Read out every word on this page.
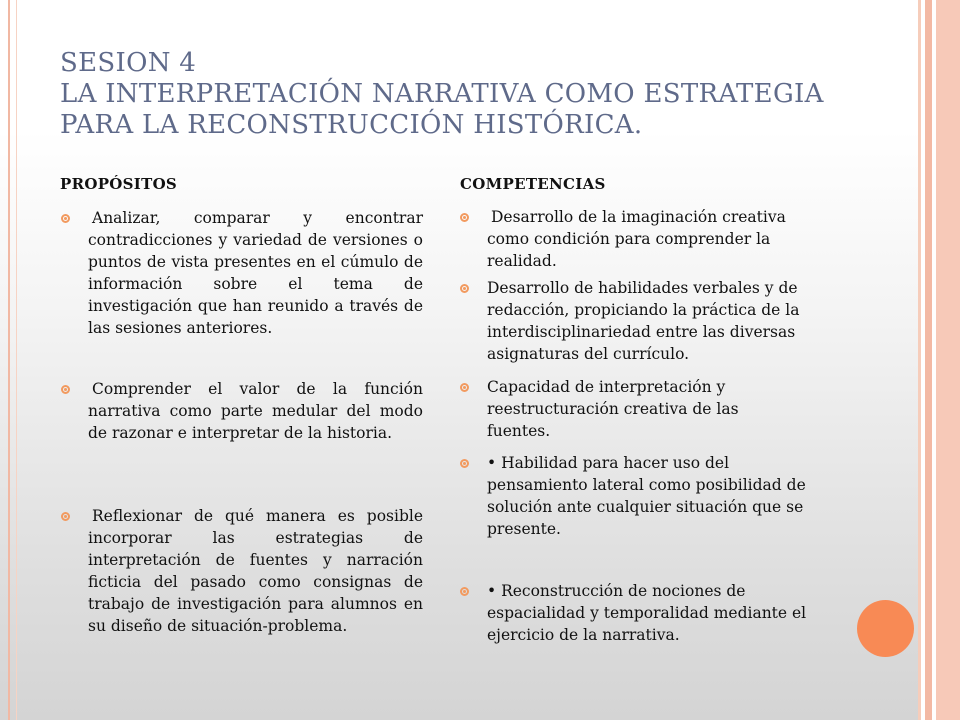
SESION 4
LA INTERPRETACIÓN NARRATIVA COMO ESTRATEGIA
PARA LA RECONSTRUCCIÓN HISTÓRICA.
PROPÓSITOS	COMPETENCIAS
Analizar, comparar y encontrar contradicciones y variedad de versiones o puntos de vista presentes en el cúmulo de información sobre el tema de investigación que han reunido a través de las sesiones anteriores.
Comprender el valor de la función narrativa como parte medular del modo de razonar e interpretar de la historia.
Reflexionar de qué manera es posible incorporar las estrategias de interpretación de fuentes y narración ficticia del pasado como consignas de trabajo de investigación para alumnos en su diseño de situación-problema.
Desarrollo de la imaginación creativa como condición para comprender la realidad.
Desarrollo de habilidades verbales y de redacción, propiciando la práctica de la interdisciplinariedad entre las diversas asignaturas del currículo.
Capacidad de interpretación y reestructuración creativa de las fuentes.
• Habilidad para hacer uso del pensamiento lateral como posibilidad de solución ante cualquier situación que se presente.
• Reconstrucción de nociones de espacialidad y temporalidad mediante el ejercicio de la narrativa.
